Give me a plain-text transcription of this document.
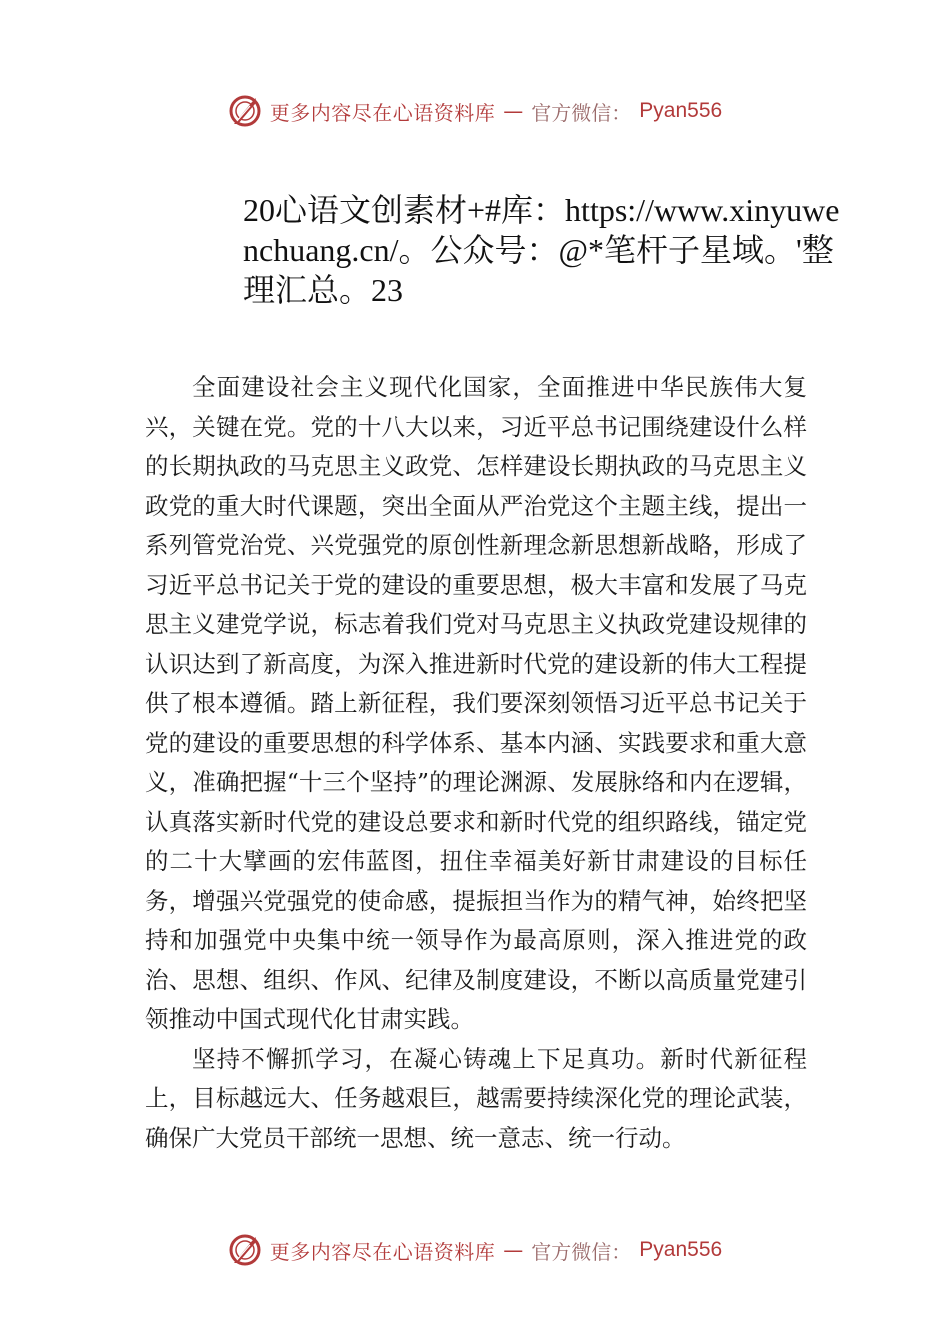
更多内容尽在心语资料库 — 官方微信： Pyan556
20心语文创素材+#库：https://www.xinyuwenchuang.cn/。公众号：@*笔杆子星域。'整理汇总。23

全面建设社会主义现代化国家，全面推进中华民族伟大复兴，关键在党。党的十八大以来，习近平总书记围绕建设什么样的长期执政的马克思主义政党、怎样建设长期执政的马克思主义政党的重大时代课题，突出全面从严治党这个主题主线，提出一系列管党治党、兴党强党的原创性新理念新思想新战略，形成了习近平总书记关于党的建设的重要思想，极大丰富和发展了马克思主义建党学说，标志着我们党对马克思主义执政党建设规律的认识达到了新高度，为深入推进新时代党的建设新的伟大工程提供了根本遵循。踏上新征程，我们要深刻领悟习近平总书记关于党的建设的重要思想的科学体系、基本内涵、实践要求和重大意义，准确把握“十三个坚持”的理论渊源、发展脉络和内在逻辑，认真落实新时代党的建设总要求和新时代党的组织路线，锚定党的二十大擘画的宏伟蓝图，扭住幸福美好新甘肃建设的目标任务，增强兴党强党的使命感，提振担当作为的精气神，始终把坚持和加强党中央集中统一领导作为最高原则，深入推进党的政治、思想、组织、作风、纪律及制度建设，不断以高质量党建引领推动中国式现代化甘肃实践。

坚持不懈抓学习，在凝心铸魂上下足真功。新时代新征程上，目标越远大、任务越艰巨，越需要持续深化党的理论武装，确保广大党员干部统一思想、统一意志、统一行动。

更多内容尽在心语资料库 — 官方微信： Pyan556
